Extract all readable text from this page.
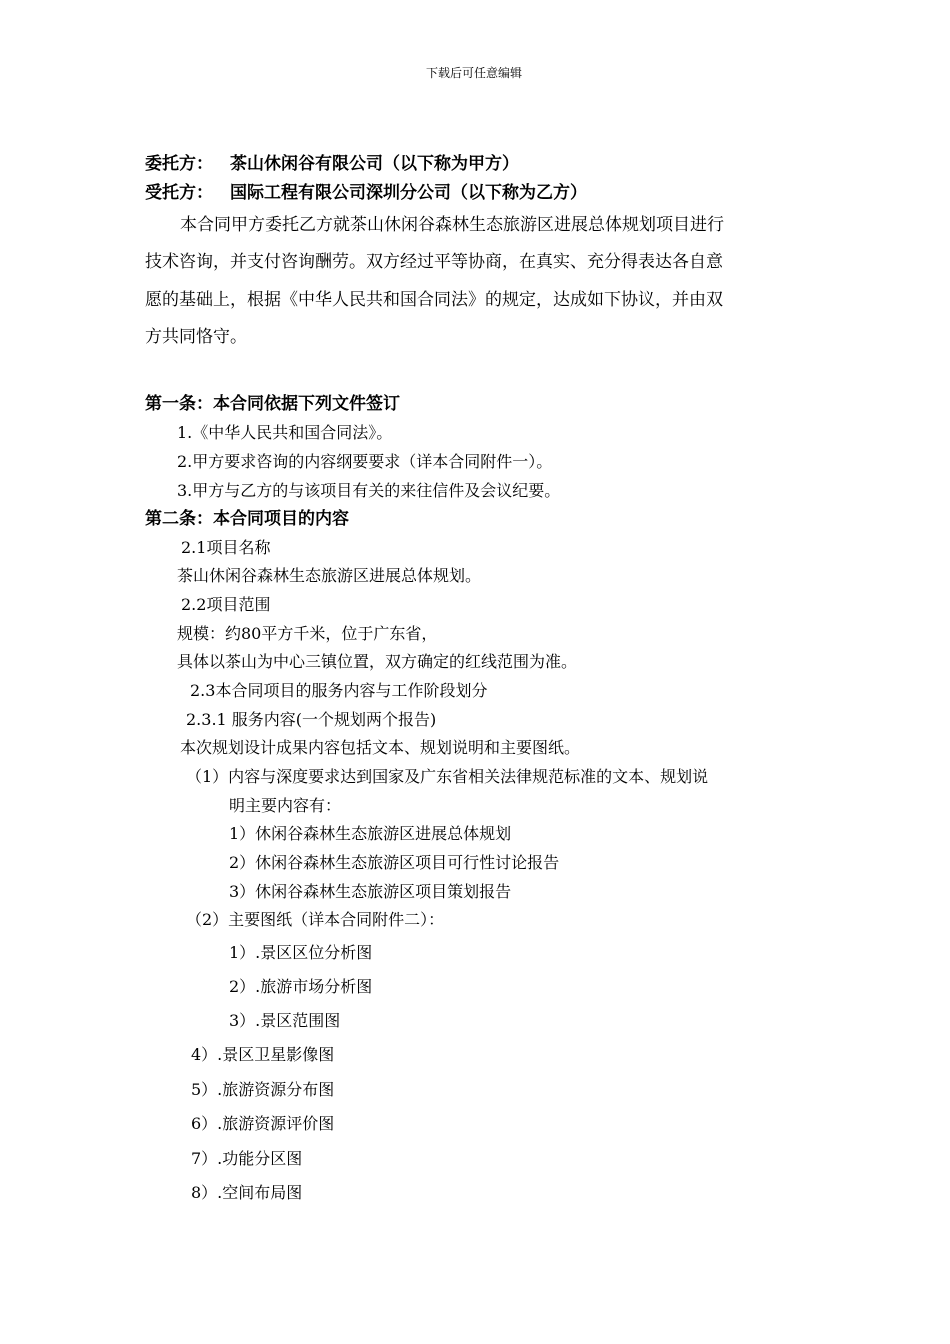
下载后可任意编辑
委托方： 茶山休闲谷有限公司（以下称为甲方）
受托方： 国际工程有限公司深圳分公司（以下称为乙方）
本合同甲方委托乙方就茶山休闲谷森林生态旅游区进展总体规划项目进行
技术咨询，并支付咨询酬劳。双方经过平等协商，在真实、充分得表达各自意
愿的基础上，根据《中华人民共和国合同法》的规定，达成如下协议，并由双
方共同恪守。
第一条：本合同依据下列文件签订
1.《中华人民共和国合同法》。
2.甲方要求咨询的内容纲要要求（详本合同附件一）。
3.甲方与乙方的与该项目有关的来往信件及会议纪要。
第二条：本合同项目的内容
2.1项目名称
茶山休闲谷森林生态旅游区进展总体规划。
2.2项目范围
规模：约80平方千米，位于广东省，
具体以茶山为中心三镇位置，双方确定的红线范围为准。
2.3本合同项目的服务内容与工作阶段划分
2.3.1 服务内容(一个规划两个报告)
本次规划设计成果内容包括文本、规划说明和主要图纸。
（1）内容与深度要求达到国家及广东省相关法律规范标准的文本、规划说
明主要内容有：
1）休闲谷森林生态旅游区进展总体规划
2）休闲谷森林生态旅游区项目可行性讨论报告
3）休闲谷森林生态旅游区项目策划报告
（2）主要图纸（详本合同附件二）：
1）.景区区位分析图
2）.旅游市场分析图
3）.景区范围图
4）.景区卫星影像图
5）.旅游资源分布图
6）.旅游资源评价图
7）.功能分区图
8）.空间布局图
